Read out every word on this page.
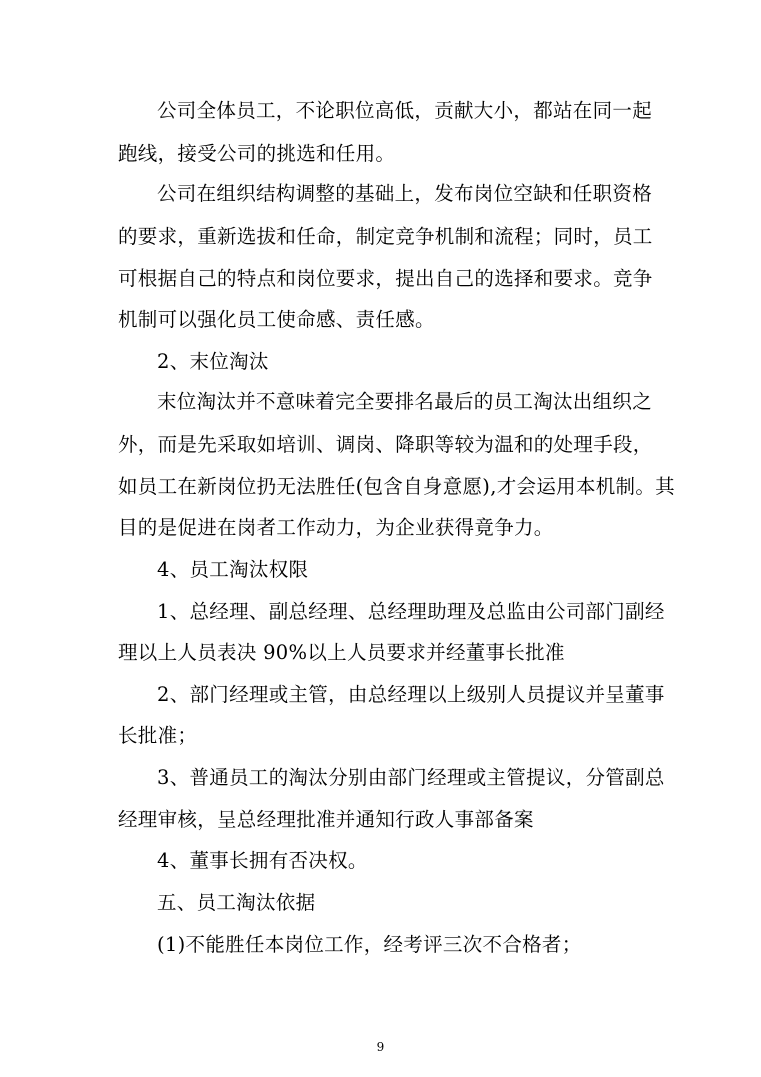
公司全体员工，不论职位高低，贡献大小，都站在同一起
跑线，接受公司的挑选和任用。
公司在组织结构调整的基础上，发布岗位空缺和任职资格
的要求，重新选拔和任命，制定竞争机制和流程；同时，员工
可根据自己的特点和岗位要求，提出自己的选择和要求。竞争
机制可以强化员工使命感、责任感。
2、末位淘汰
末位淘汰并不意味着完全要排名最后的员工淘汰出组织之
外，而是先采取如培训、调岗、降职等较为温和的处理手段，
如员工在新岗位扔无法胜任(包含自身意愿),才会运用本机制。其
目的是促进在岗者工作动力，为企业获得竟争力。
4、员工淘汰权限
1、总经理、副总经理、总经理助理及总监由公司部门副经
理以上人员表决 90%以上人员要求并经董事长批准
2、部门经理或主管，由总经理以上级别人员提议并呈董事
长批准；
3、普通员工的淘汰分别由部门经理或主管提议，分管副总
经理审核，呈总经理批准并通知行政人事部备案
4、董事长拥有否决权。
五、员工淘汰依据
(1)不能胜任本岗位工作，经考评三次不合格者；
9
